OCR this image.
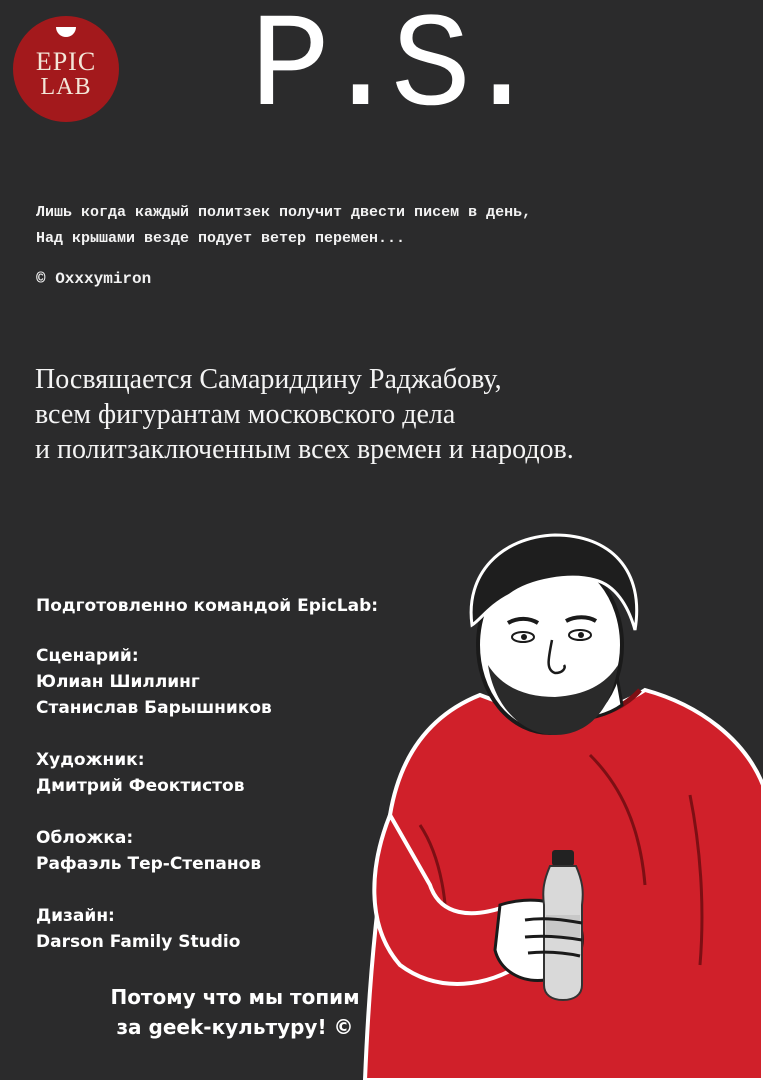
EPIC
LAB P.S.
Лишь когда каждый политзек получит двести писем в день,
Над крышами везде подует ветер перемен...
© Oxxxymiron
Посвящается Самариддину Раджабову,
всем фигурантам московского дела
и политзаключенным всех времен и народов.
Подготовленно командой EpicLab:
Сценарий:
Юлиан Шиллинг
Станислав Барышников
Художник:
Дмитрий Феоктистов
Обложка:
Рафаэль Тер-Степанов
Дизайн:
Darson Family Studio
Потому что мы топим
за geek-культуру! ©
